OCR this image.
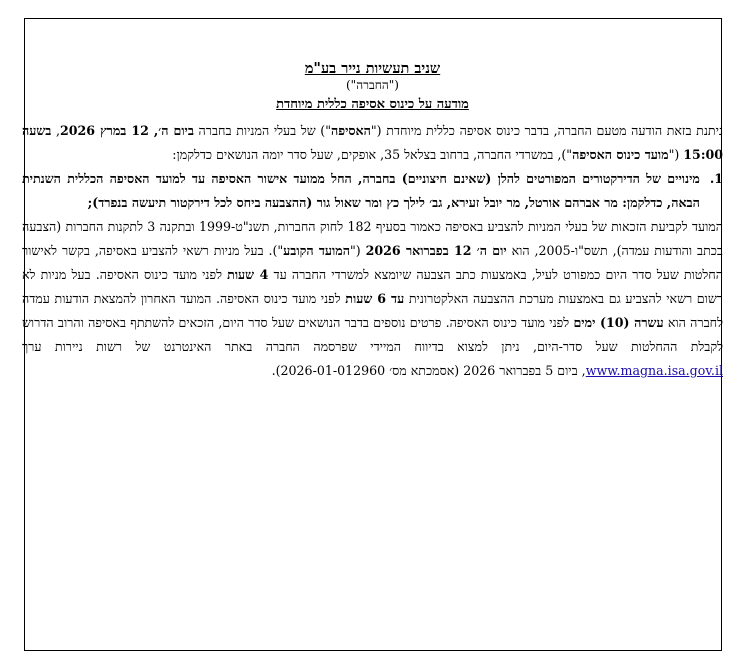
שניב תעשיות נייר בע"מ
("החברה")
מודעה על כינוס אסיפה כללית מיוחדת

ניתנת בזאת הודעה מטעם החברה, בדבר כינוס אסיפה כללית מיוחדת ("האסיפה") של בעלי המניות בחברה ביום ה׳, 12 במרץ 2026, בשעה 15:00 ("מועד כינוס האסיפה"), במשרדי החברה, ברחוב בצלאל 35, אופקים, שעל סדר יומה הנושאים כדלקמן:

1.
מינויים של הדירקטורים המפורטים להלן (שאינם חיצוניים) בחברה, החל ממועד אישור האסיפה עד למועד האסיפה הכללית השנתית הבאה, כדלקמן: מר אברהם אורטל, מר יובל זעירא, גב׳ לילך כץ ומר שאול גור (ההצבעה ביחס לכל דירקטור תיעשה בנפרד);

המועד לקביעת הזכאות של בעלי המניות להצביע באסיפה כאמור בסעיף 182 לחוק החברות, תשנ"ט-1999 ובתקנה 3 לתקנות החברות (הצבעה בכתב והודעות עמדה), תשס"ו-2005, הוא יום ה׳ 12 בפברואר 2026 ("המועד הקובע"). בעל מניות רשאי להצביע באסיפה, בקשר לאישור החלטות שעל סדר היום כמפורט לעיל, באמצעות כתב הצבעה שיומצא למשרדי החברה עד 4 שעות לפני מועד כינוס האסיפה. בעל מניות לא רשום רשאי להצביע גם באמצעות מערכת ההצבעה האלקטרונית עד 6 שעות לפני מועד כינוס האסיפה. המועד האחרון להמצאת הודעות עמדה לחברה הוא עשרה (10) ימים לפני מועד כינוס האסיפה. פרטים נוספים בדבר הנושאים שעל סדר היום, הזכאים להשתתף באסיפה והרוב הדרוש לקבלת ההחלטות שעל סדר-היום, ניתן למצוא בדיווח המיידי שפרסמה החברה באתר האינטרנט של רשות ניירות ערך www.magna.isa.gov.il, ביום 5 בפברואר 2026 (אסמכתא מס׳ 2026-01-012960).
